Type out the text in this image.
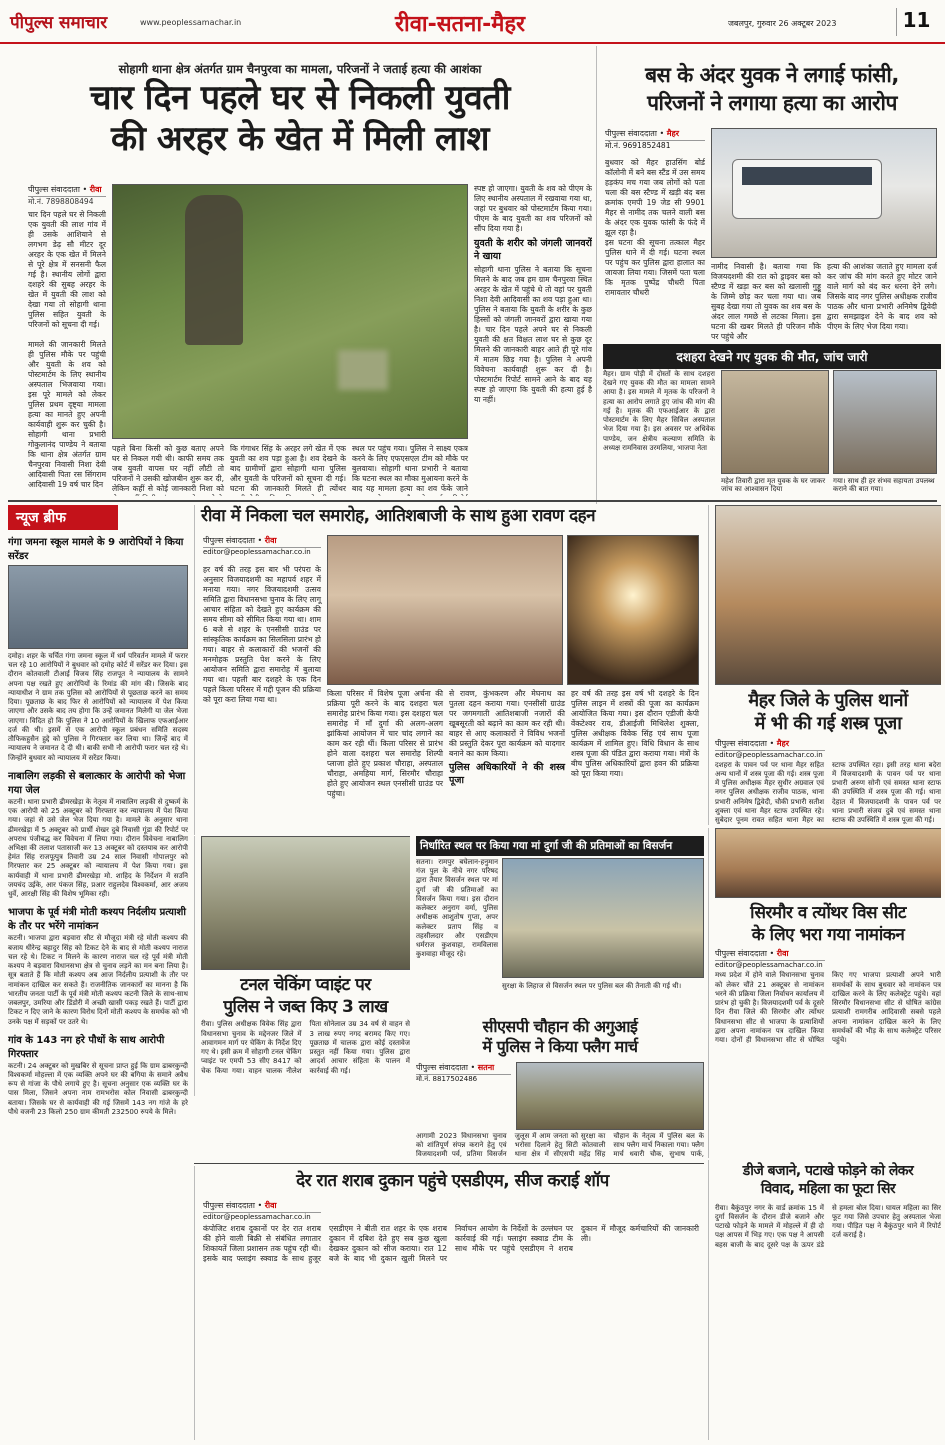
पीपुल्स समाचार	www.peoplessamachar.in	रीवा-सतना-मैहर	जबलपुर, गुरुवार 26 अक्टूबर 2023	11
सोहागी थाना क्षेत्र अंतर्गत ग्राम चैनपुरवा का मामला, परिजनों ने जताई हत्या की आशंका
चार दिन पहले घर से निकली युवती
की अरहर के खेत में मिली लाश
पीपुल्स संवाददाता • रीवा
मो.नं. 7898808494
चार दिन पहले घर से निकली एक युवती की लाश गांव में ही उसके आशियाने से लगभग डेढ़ सौ मीटर दूर अरहर के एक खेत में मिलने से पूरे क्षेत्र में सनसनी फैल गई है। स्थानीय लोगों द्वारा दशहरे की सुबह अरहर के खेत में युवती की लाश को देखा गया तो सोहागी थाना पुलिस सहित युवती के परिजनों को सूचना दी गई।

मामले की जानकारी मिलते ही पुलिस मौके पर पहुंची और युवती के शव को पोस्टमार्टम के लिए स्थानीय अस्पताल भिजवाया गया। इस पूरे मामले को लेकर पुलिस प्रथम दृष्ट्या मामला हत्या का मानते हुए अपनी कार्यवाही शुरू कर चुकी है। सोहागी थाना प्रभारी गोकुलानंद पाण्डेय ने बताया कि थाना क्षेत्र अंतर्गत ग्राम चैनपुरवा निवासी निशा देवी आदिवासी पिता रस सिंगराम आदिवासी 19 वर्ष चार दिन
पहले बिना किसी को कुछ बताए अपने घर से निकल गयी थी। काफी समय तक जब युवती वापस घर नहीं लौटी तो परिजनों ने उसकी खोजबीन शुरू कर दी, लेकिन कहीं से कोई जानकारी निशा को
कि गंगाधर सिंह के अरहर लगे खेत में एक युवती का शव पड़ा हुआ है। शव देखने के बाद ग्रामीणों द्वारा सोहागी थाना पुलिस और युवती के परिजनों को सूचना दी गई। घटना की जानकारी मिलते ही त्योंथर
स्थल पर पहुंच गया। पुलिस ने साक्ष्य एकत्र करने के लिए एफएसएल टीम को मौके पर बुलवाया। सोहागी थाना प्रभारी ने बताया कि घटना स्थल का मौका मुआयना करने के बाद यह मामला हत्या का शव फेंके जाने
स्पष्ट हो जाएगा। युवती के शव को पीएम के लिए स्थानीय अस्पताल में रखवाया गया था, जहां पर बुधवार को पोस्टमार्टम किया गया। पीएम के बाद युवती का शव परिजनों को सौंप दिया गया है।
युवती के शरीर को जंगली जानवरों ने खाया
सोहागी थाना पुलिस ने बताया कि सूचना मिलने के बाद जब हम ग्राम चैनपुरवा स्थित अरहर के खेत में पहुंचे थे तो वहां पर युवती निशा देवी आदिवासी का शव पड़ा हुआ था। पुलिस ने बताया कि युवती के शरीर के कुछ हिस्सों को जंगली जानवरों द्वारा खाया गया है। चार दिन पहले अपने घर से निकली युवती की क्षत विक्षत लाश घर से कुछ दूर मिलने की जानकारी बाहर आते ही पूरे गांव में मातम छिड़ गया है। पुलिस ने अपनी विवेचना कार्यवाही शुरू कर दी है। पोस्टमार्टम रिपोर्ट सामने आने के बाद यह स्पष्ट हो जाएगा कि युवती की हत्या हुई है या नहीं।
बस के अंदर युवक ने लगाई फांसी,
परिजनों ने लगाया हत्या का आरोप
पीपुल्स संवाददाता • मैहर
मो.नं. 9691852481
बुधवार को मैहर हाउसिंग बोर्ड कॉलोनी में बने बस स्टैंड में उस समय हड़कंप मच गया जब लोगों को पता चला की बस स्टैण्ड में खड़ी बंद बस क्रमांक एमपी 19 जेड सी 9901 मैहर से नामीद तक चलने वाली बस के अंदर एक युवक फांसी के फंदे में झूल रहा है।
इस घटना की सूचना तत्काल मैहर पुलिस थाने में दी गई। घटना स्थल पर पहुंच कर पुलिस द्वारा हालात का जायजा लिया गया। जिसमें पता चला कि मृतक पुष्पेंद्र चौधरी पिता रामावतार चौधरी
नामीद निवासी है। बताया गया कि विजयदशमी की रात को ड्राइवर बस को स्टैण्ड में खड़ा कर बस को खलासी गुड्डू के जिम्मे छोड़ कर चला गया था। जब सुबह देखा गया तो युवक का शव बस के अंदर लाल गमछे से लटका मिला। इस घटना की खबर मिलते ही परिजन मौके पर पहुंचे और
हत्या की आशंका जताते हुए मामला दर्ज कर जांच की मांग करते हुए मोटर जाने वाले मार्ग को बंद कर धरना देने लगे। जिसके बाद नगर पुलिस अधीक्षक राजीव पाठक और थाना प्रभारी अनिमेष द्विवेदी द्वारा समझाइश देने के बाद शव को पीएम के लिए भेज दिया गया।
दशहरा देखने गए युवक की मौत, जांच जारी
मैहर। ग्राम पोड़ी में दोस्तों के साथ दशहरा देखने गए युवक की मौत का मामला सामने आया है। इस मामले में मृतक के परिजनों ने हत्या का आरोप लगाते हुए जांच की मांग की गई है। मृतक की एफआईआर के द्वारा पोस्टमार्टम के लिए मैहर सिविल अस्पताल भेज दिया गया है। इस अवसर पर अधिवेक पाण्डेय, जन क्षेत्रीय कल्याण समिति के अध्यक्ष रामनिवास उरमलिया, भाजपा नेता
महेश तिवारी द्वारा मृत युवक के घर जाकर जांच का आश्वासन दिया
गया। साथ ही हर संभव सहायता उपलब्ध कराने की बात गया।
न्यूज ब्रीफ
गंगा जमना स्कूल मामले के 9 आरोपियों ने किया सरेंडर
दमोह। शहर के चर्चित गंगा जमना स्कूल में धर्म परिवर्तन मामले में फरार चल रहे 10 आरोपियों ने बुधवार को दमोह कोर्ट में सरेंडर कर दिया। इस दौरान कोतवाली टीआई विजय सिंह राजपूत ने न्यायालय के सामने अपना पक्ष रखते हुए आरोपियों के रिमांड की मांग की। जिसके बाद न्यायाधीश ने ग्राम तक पुलिस को आरोपियों से पूछताछ करने का समय दिया। पूछताछ के बाद फिर से आरोपियों को न्यायालय में पेश किया जाएगा और उसके बाद तय होगा कि उन्हें जमानत मिलेगी या जेल भेजा जाएगा। विदित हो कि पुलिस ने 10 आरोपियों के खिलाफ एफआईआर दर्ज की थी। इसमें से एक आरोपी स्कूल प्रबंधन समिति सदस्य तौफिकहुसैन हुद्दे को पुलिस ने गिरफ्तार कर लिया था। जिन्हें बाद में न्यायालय ने जमानत दे दी थी। बाकी सभी नौ आरोपी फरार चल रहे थे। जिन्होंने बुधवार को न्यायालय में सरेंडर किया।
नाबालिग लड़की से बलात्कार के आरोपी को भेजा गया जेल
कटनी। थाना प्रभारी ढीमरखेड़ा के नेतृत्व में नाबालिग लड़की से दुष्कर्म के एक आरोपी को 25 अक्टूबर को गिरफ्तार कर न्यायालय में पेश किया गया। जहां से उसे जेल भेज दिया गया है। मामले के अनुसार थाना ढीमरखेड़ा में 5 अक्टूबर को प्रार्थी शेखर दुबे निवासी गूंडा की रिपोर्ट पर अपराध पंजीबद्ध कर विवेचना में लिया गया। दौरान विवेचना नाबालिग अभिक्षा की तलाश पतासाजी कर 13 अक्टूबर को दस्तयाब कर आरोपी हेमंत सिंह राजपूत्पुत्र तिवारी उम्र 24 साल निवासी गोपालपुर को गिरफ्तार कर 25 अक्टूबर को न्यायालय में पेश किया गया। इस कार्यवाही में थाना प्रभारी ढीमरखेड़ा मो. शाहिद के निर्देशन में सउनि जयचंद उईके, आर पंकज सिंह, प्रआर राहुलदेव विश्वकर्मा, आर अजय धुर्वे, आरक्षी सिंह की विशेष भूमिका रही।
भाजपा के पूर्व मंत्री मोती कश्यप निर्दलीय प्रत्याशी के तौर पर भरेंगे नामांकन
कटनी। भाजपा द्वारा बड़वारा सीट से मौजूदा मंत्री रहे मोती कश्यप की बजाय धीरेन्द्र बहादुर सिंह को टिकट देने के बाद से मोती कश्यप नाराज चल रहे थे। टिकट न मिलने के कारण नाराज चल रहे पूर्व मंत्री मोती कश्यप ने बड़वारा विधानसभा क्षेत्र से चुनाव लड़ने का मन बना लिया है। सूत्र बताते हैं कि मोती कश्यप अब आज निर्दलीय प्रत्याशी के तौर पर नामांकन दाखिल कर सकते हैं। राजनीतिक जानकारों का मानना है कि भारतीय जनता पार्टी के पूर्व मंत्री मोती कश्यप कटनी जिले के साथ-साथ जबलपुर, उमरिया और डिंडोरी में अच्छी खासी पकड़ रखते हैं। पार्टी द्वारा टिकट न दिए जाने के कारण विरोध दिनों मोती कश्यप के समर्थक को भी उनके पक्ष में सड़कों पर उतरे थे।
गांव के 143 नग हरे पौधों के साथ आरोपी गिरफ्तार
कटनी। 24 अक्टूबर को मुखबिर से सूचना प्राप्त हुई कि ग्राम ढाबरकुन्दी विश्वकर्मा मोहल्ला में एक व्यक्ति अपने घर की बगिया के समाने अवैध रूप से गांजा के पौधे लगाये हुए है। सूचना अनुसार एक व्यक्ति घर के पास मिला, जिसने अपना नाम रामभरोस कोल निवासी ढाबरकुन्दी बताया। जिसके घर से कार्यवाही की गई जिसमें 143 नग गांजे के हरे पौधे वजनी 23 किलो 250 ग्राम कीमती 232500 रुपये के मिले।
रीवा में निकला चल समारोह, आतिशबाजी के साथ हुआ रावण दहन
पीपुल्स संवाददाता • रीवा
editor@peoplessamachar.co.in
हर वर्ष की तरह इस बार भी परंपरा के अनुसार विजयादशमी का महापर्व शहर में मनाया गया। नगर विजयादशमी उत्सव समिति द्वारा विधानसभा चुनाव के लिए लागू आचार संहिता को देखते हुए कार्यक्रम की समय सीमा को सीमित किया गया था। शाम 6 बजे से शहर के एनसीसी ग्राउंड पर सांस्कृतिक कार्यक्रम का सिलसिला प्रारंभ हो गया। बाहर से कलाकारों की भजनों की मनमोहक प्रस्तुति पेश करने के लिए आयोजन समिति द्वारा समारोह में बुलाया गया था। पहली बार दशहरे के एक दिन पहले किला परिसर में गद्दी पूजन की प्रक्रिया को पूरा करा लिया गया था।
किला परिसर में विशेष पूजा अर्चना की प्रक्रिया पूरी करने के बाद दशहरा चल समारोह प्रारंभ किया गया। इस दशहरा चल समारोह में माँ दुर्गा की अलग-अलग झांकियां आयोजन में चार चांद लगाने का काम कर रही थीं। किला परिसर से प्रारंभ होने वाला दशहरा चल समारोह शिल्पी प्लाजा होते हुए प्रकाश चौराहा, अस्पताल चौराहा, अमहिया मार्ग, सिरमौर चौराहा होते हुए आयोजन स्थल एनसीसी ग्राउंड पर पहुंचा।
से रावण, कुंभकरण और मेघनाथ का पुतला दहन कराया गया। एनसीसी ग्राउंड पर जगमगाती आतिशबाजी नजारों की खूबसूरती को बढ़ाने का काम कर रही थी। बाहर से आए कलाकारों ने विविध भजनों की प्रस्तुति देकर पूरा कार्यक्रम को यादगार बनाने का काम किया।
पुलिस अधिकारियों ने की शस्त्र पूजा
हर वर्ष की तरह इस वर्ष भी दशहरे के दिन पुलिस लाइन में शस्त्रों की पूजा का कार्यक्रम आयोजित किया गया। इस दौरान एडीजी केपी वेंकटेश्वर राव, डीआईजी मिथिलेश शुक्ला, पुलिस अधीक्षक विवेक सिंह एवं साथ पूजा कार्यक्रम में शामिल हुए। विधि विधान के साथ शस्त्र पूजा की पंडित द्वारा कराया गया। मंत्रों के बीच पुलिस अधिकारियों द्वारा हवन की प्रक्रिया को पूरा किया गया।
मैहर जिले के पुलिस थानों
में भी की गई शस्त्र पूजा
पीपुल्स संवाददाता • मैहर
editor@peoplessamachar.co.in
दशहरा के पावन पर्व पर थाना मैहर सहित अन्य थानों में शस्त्र पूजा की गई। शस्त्र पूजा में पुलिस अधीक्षक मैहर सुधीर अग्रवाल एवं नगर पुलिस अधीक्षक राजीव पाठक, थाना प्रभारी अनिमेष द्विवेदी, चौकी प्रभारी सतीश शुक्ला एवं थाना मैहर स्टाफ उपस्थित रहे। सुबेदार पूनम रावत सहित थाना मैहर का स्टाफ उपस्थित रहा। इसी तरह थाना बदेरा में विजयादशमी के पावन पर्व पर थाना प्रभारी अरुण सोनी एवं समस्त थाना स्टाफ की उपस्थिति में शस्त्र पूजा की गई। थाना देहात में विजयादशमी के पावन पर्व पर थाना प्रभारी संजय दुबे एवं समस्त थाना स्टाफ की उपस्थिति में शस्त्र पूजा की गई।
निर्धारित स्थल पर किया गया मां दुर्गा जी की प्रतिमाओं का विसर्जन
सतना। रामपुर बघेलान-हनुमान गंज पुल के नीचे नगर परिषद द्वारा तैयार विसर्जन स्थल पर मां दुर्गा जी की प्रतिमाओं का विसर्जन किया गया। इस दौरान कलेक्टर अनुराग वर्मा, पुलिस अधीक्षक आशुतोष गुप्ता, अपर कलेक्टर प्रताप सिंह व तहसीलदार और एसडीएम धर्मराज कुशवाहा, रामविलास कुशवाहा मौजूद रहे।
सुरक्षा के लिहाज से विसर्जन स्थल पर पुलिस बल की तैनाती की गई थी।
टनल चेकिंग प्वाइंट पर
पुलिस ने जब्त किए 3 लाख
रीवा। पुलिस अधीक्षक विवेक सिंह द्वारा विधानसभा चुनाव के मद्देनजर जिले में आवागमन मार्ग पर चेकिंग के निर्देश दिए गए थे। इसी क्रम में सोहागी टनल चेकिंग प्वाइंट पर एमपी 53 सीए 8417 को चेक किया गया। वाहन चालक नीलेश पिता सोनेलाल उम्र 34 वर्ष से वाहन से 3 लाख रुपए नगद बरामद किए गए। पूछताछ में चालक द्वारा कोई दस्तावेज प्रस्तुत नहीं किया गया। पुलिस द्वारा आदर्श आचार संहिता के पालन में कार्रवाई की गई।
सीएसपी चौहान की अगुआई
में पुलिस ने किया फ्लैग मार्च
पीपुल्स संवाददाता • सतना
मो.नं. 8817502486
आगामी 2023 विधानसभा चुनाव को शांतिपूर्ण संपन्न कराने हेतु एवं विजयादशमी पर्व, प्रतिमा विसर्जन जुलूस में आम जनता को सुरक्षा का भरोसा दिलाने हेतु सिटी कोतवाली थाना क्षेत्र में सीएसपी महेंद्र सिंह चौहान के नेतृत्व में पुलिस बल के साथ फ्लैग मार्च निकाला गया। फ्लैग मार्च धवारी चौक, सुभाष पार्क,
सिरमौर व त्योंथर विस सीट
के लिए भरा गया नामांकन
पीपुल्स संवाददाता • रीवा
editor@peoplessamachar.co.in
मध्य प्रदेश में होने वाले विधानसभा चुनाव को लेकर चौंते 21 अक्टूबर से नामांकन भरने की प्रक्रिया जिला निर्वाचन कार्यालय में प्रारंभ हो चुकी है। विजयादशमी पर्व के दूसरे दिन रीवा जिले की सिरमौर और त्योंथर विधानसभा सीट से भाजपा के प्रत्याशियों द्वारा अपना नामांकन पत्र दाखिल किया गया। दोनों ही विधानसभा सीट से घोषित किए गए भाजपा प्रत्याशी अपने भारी समर्थकों के साथ बुधवार को नामांकन पत्र दाखिल करने के लिए कलेक्ट्रेट पहुंचे। वहां सिरमौर विधानसभा सीट से घोषित कांग्रेस प्रत्याशी रामगरीब आदिवासी सबसे पहले अपना नामांकन दाखिल करने के लिए समर्थकों की भीड़ के साथ कलेक्ट्रेट परिसर पहुंचे।
देर रात शराब दुकान पहुंचे एसडीएम, सीज कराई शॉप
पीपुल्स संवाददाता • रीवा
editor@peoplessamachar.co.in
कंपोजिट शराब दुकानों पर देर रात शराब की होने वाली बिक्री से संबंधित लगातार शिकायतें जिला प्रशासन तक पहुंच रही थी। इसके बाद फ्लाइंग स्क्वाड के साथ हुजूर एसडीएम ने बीती रात शहर के एक शराब दुकान में दबिश देते हुए सब कुछ खुला देखकर दुकान को सीज कराया। रात 12 बजे के बाद भी दुकान खुली मिलने पर निर्वाचन आयोग के निर्देशों के उल्लंघन पर कार्रवाई की गई। फ्लाइंग स्क्वाड टीम के साथ मौके पर पहुंचे एसडीएम ने शराब दुकान में मौजूद कर्मचारियों की जानकारी ली।
डीजे बजाने, पटाखे फोड़ने को लेकर
विवाद, महिला का फूटा सिर
रीवा। बैकुंठपुर नगर के वार्ड क्रमांक 15 में दुर्गा विसर्जन के दौरान डीजे बजाने और पटाखे फोड़ने के मामले में मोहल्ले में ही दो पक्ष आपस में भिड़ गए। एक पक्ष ने आपसी बहस बाजी के बाद दूसरे पक्ष के ऊपर डंडे से हमला बोल दिया। घायल महिला का सिर फूट गया जिसे उपचार हेतु अस्पताल भेजा गया। पीड़ित पक्ष ने बैकुंठपुर थाने में रिपोर्ट दर्ज कराई है।
